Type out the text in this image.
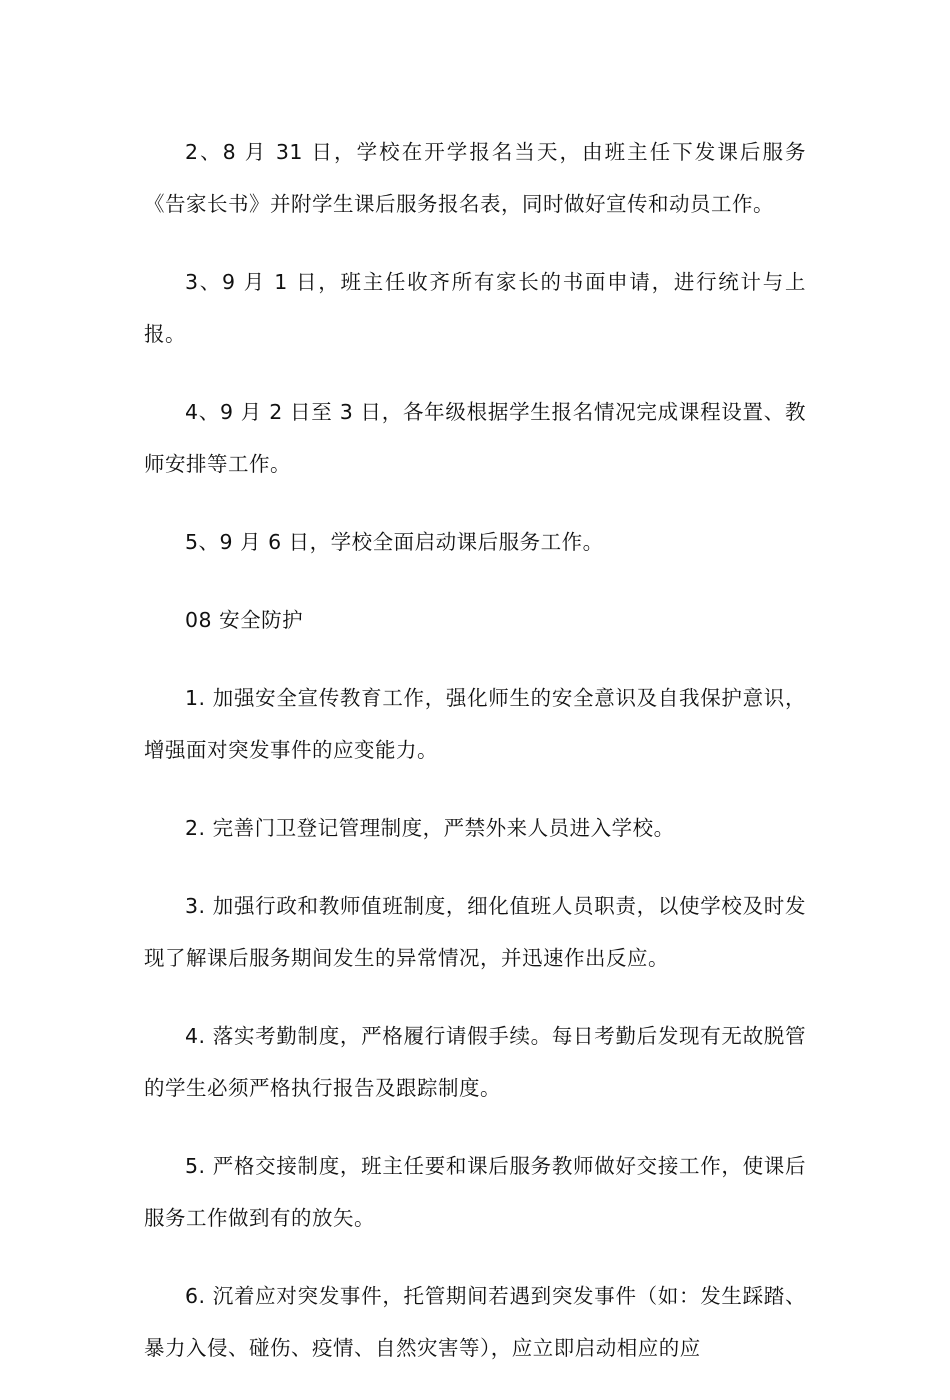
2、8 月 31 日，学校在开学报名当天，由班主任下发课后服务《告家长书》并附学生课后服务报名表，同时做好宣传和动员工作。

3、9 月 1 日，班主任收齐所有家长的书面申请，进行统计与上报。

4、9 月 2 日至 3 日，各年级根据学生报名情况完成课程设置、教师安排等工作。

5、9 月 6 日，学校全面启动课后服务工作。

08 安全防护

1. 加强安全宣传教育工作，强化师生的安全意识及自我保护意识，增强面对突发事件的应变能力。

2. 完善门卫登记管理制度，严禁外来人员进入学校。

3. 加强行政和教师值班制度，细化值班人员职责，以使学校及时发现了解课后服务期间发生的异常情况，并迅速作出反应。

4. 落实考勤制度，严格履行请假手续。每日考勤后发现有无故脱管的学生必须严格执行报告及跟踪制度。

5. 严格交接制度，班主任要和课后服务教师做好交接工作，使课后服务工作做到有的放矢。

6. 沉着应对突发事件，托管期间若遇到突发事件（如：发生踩踏、暴力入侵、碰伤、疫情、自然灾害等），应立即启动相应的应
